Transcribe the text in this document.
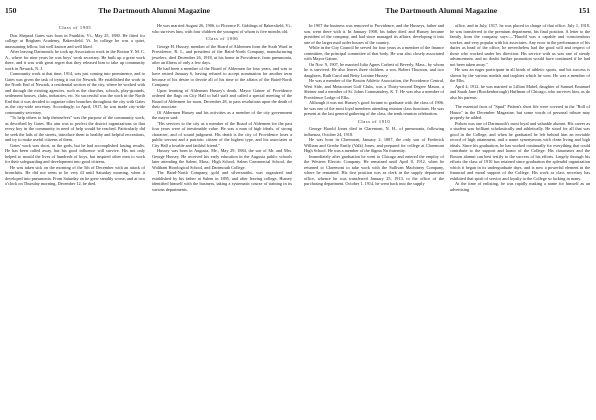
150	The Dartmouth Alumni Magazine

Class of 1905

Don Shepard Gates was born in Franklin, Vt., May 25, 1880. He fitted for college at Brigham Academy, Bakersfield, Vt. In college he was a quiet, unassuming fellow, but well known and well liked.

After leaving Dartmouth, he took up Association work in the Boston Y. M. C. A., where for nine years he was boys' work secretary. He built up a great work there, and it was with great regret that they released him to take up community work in Newark, N. J.

Community work at that time, 1914, was just coming into prominence, and to Gates was given the task of trying it out for Newark. He established the work in the North End of Newark, a residential section of the city, where he worked with and through the existing agencies, such as the churches, schools, play-grounds, settlement houses, clubs, industries, etc. So successful was the work in the North End that it was decided to organize other branches throughout the city with Gates as the city-wide secretary. Accordingly, in April, 1917, he was made city-wide community secretary.

"To help others to help themselves" was the purpose of the community work, as described by Gates. His aim was to perfect the district organizations so that every boy in the community in need of help would be reached. Particularly did he seek the lads of the streets, introduce them to healthy and helpful recreations, and try to make useful citizens of them.

Gates' work was short, as the gods, but he had accomplished lasting results. He has been called away, but his good influence will survive. His not only helped to mould the lives of hundreds of boys, but inspired other men to work for their safeguarding and development into good citizens.

He was taken sick on the morning of the 5th of December with an attack of bronchitis. He did not seem to be very ill until Saturday morning, when it developed into pneumonia. From Saturday on he grew steadily worse, and at two o'clock on Thursday morning, December 12, he died.

He was married August 26, 1906, to Florence E. Giddings of Bakersfield, Vt., who survives him, with four children the youngest of whom is five months old.

Class of 1906

George H. Hussey, member of the Board of Aldermen from the Sixth Ward in Providence, R. I., and president of the Baird-North Company, manufacturing jewelers, died December 26, 1918, at his home in Providence, from pneumonia, after an illness of only a few days.

He had been a member of the Board of Aldermen for four years, and was to have retired January 6, having refused to accept nomination for another term because of his desire to devote all of his time to the affairs of the Baird-North Company.

Upon learning of Alderman Hussey's death, Mayor Gainer of Providence ordered the flags on City Hall to half staff and called a special meeting of the Board of Aldermen for noon, December 28, to pass resolutions upon the death of their associate.

Of Aldermen Hussey and his activities as a member of the city government the mayor said:

"His services to the city as a member of the Board of Aldermen for the past four years were of inestimable value. He was a man of high ideals, of strong character, and of sound judgment. His death is the city of Providence loses a public servant and a patriotic citizen of the highest type, and his associates at City Hall a lovable and faithful friend."

Hussey was born in Augusta, Me., May 29, 1884, the son of Mr. and Mrs. George Hussey. He received his early education in the Augusta public schools later attending the Salem, Mass., High School, Salem Commercial School, the Waltham Horological School, and Dartmouth College.

The Baird-North Company, gold and silversmiths, was organized and established by his father at Salem in 1895, and after leaving college, Hussey identified himself with the business, taking a systematic course of training in its various departments.

The Dartmouth Alumni Magazine	151

In 1907 the business was removed to Providence, and the Husseys, father and son, went there with it. In January 1908, his father died, and Hussey became president of the company, and had since managed its affairs, developing it into one of the larger mail order houses of the country.

While in the City Council he served for four years as a member of the finance committee, the principal committee of that body. He was also closely associated with Mayor Gainer.

On Nov. 9, 1907, he married Julia Agnes Corbett of Beverly, Mass., by whom he is survived. He also leaves three children, a son, Robert Thurston, and two daughters, Ruth Carol and Betty Loraine Hussey.

He was a member of the Boston Athletic Association, the Providence Central, West Side, and Metacomet Golf Clubs, was a Thirty-second Degree Mason, a Shriner and a member of St. Johns Commandery, K. T. He was also a member of Providence Lodge of Elks.

Although it was not Hussey's good fortune to graduate with the class of 1906, he was one of the most loyal members attending reunion class functions. He was present at the last general gathering of the class, the tenth reunion celebration.

Class of 1910

George Harold Jones died in Claremont, N. H., of pneumonia, following influenza, October 24, 1918.

He was born in Claremont, January 2, 1887, the only son of Frederick William and Grethe Emily (Valk) Jones, and prepared for college at Claremont High School. He was a member of the Sigma Nu fraternity.

Immediately after graduation he went to Chicago and entered the employ of the Western Electric Company. He remained until April 8, 1912, when he returned to Claremont to take work with the Sullivan Machinery Company, where he remained. His first position was as clerk in the supply department office, whence he was transferred January 25, 1913, to the office of the purchasing department. October 1, 1914, he went back into the supply

office, and in July, 1917, he was placed in charge of that office. July 1, 1918, he was transferred to the premium department, his final position. A letter to the family from the company says:—"Harold was a capable and conscientious worker, and very popular with his associates. Any error in the performance of his duties as head of the office, he nevertheless had the good will and respect of those who worked under his direction. His service with us was one of steady advancement, and no doubt further promotion would have continued if he had not been taken away."

He was an eager participant in all kinds of athletic sports, and his success is shown by the various medals and trophies which he won. He was a member of the Elks.

April 4, 1912, he was married to Lillian Mabel, daughter of Samuel Emanuel and Sarah Jane (Brackenborough) Huffman of Chicago, who survives him, as do also his parents.

The essential facts of "Spud" Pishon's short life were covered in the "Roll of Honor" in the December Magazine, but some words of personal tribute may properly be added.

Pishon was one of Dartmouth's most loyal and valuable alumni. His career as a student was brilliant scholastically and athletically. He stood for all that was good in the College, and when he graduated he left behind him an enviable record of high attainment, and a name synonymous with clean living and high ideals. Since his graduation, he has worked continually for everything that could contribute to the support and honor of the College. His classmates and the Boston alumni can best testify to the success of his efforts. Largely through his efforts the class of 1910 has retained since graduation the splendid organization which it began in its undergraduate days, and is now a powerful element in the financial and moral support of the College. His work as class secretary has exhibited that spirit of service and loyalty to the College so lacking in many.

At the time of enlisting, he was rapidly making a name for himself as an advertising
